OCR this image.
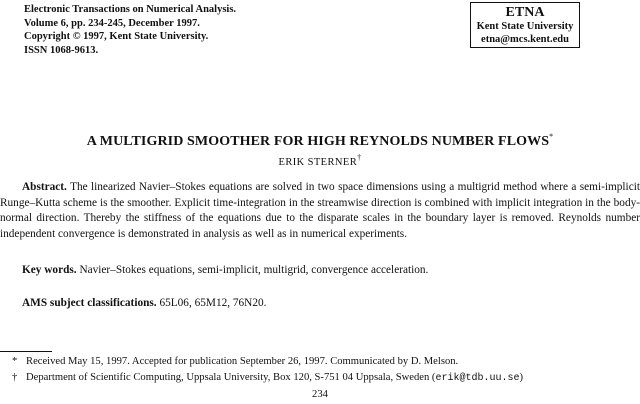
Electronic Transactions on Numerical Analysis.
Volume 6, pp. 234-245, December 1997.
Copyright © 1997, Kent State University.
ISSN 1068-9613.
ETNA
Kent State University
etna@mcs.kent.edu
A MULTIGRID SMOOTHER FOR HIGH REYNOLDS NUMBER FLOWS*
ERIK STERNER†

Abstract. The linearized Navier–Stokes equations are solved in two space dimensions using a multigrid method where a semi-implicit Runge–Kutta scheme is the smoother. Explicit time-integration in the streamwise direction is combined with implicit integration in the body-normal direction. Thereby the stiffness of the equations due to the disparate scales in the boundary layer is removed. Reynolds number independent convergence is demonstrated in analysis as well as in numerical experiments.

Key words. Navier–Stokes equations, semi-implicit, multigrid, convergence acceleration.
AMS subject classifications. 65L06, 65M12, 76N20.
* Received May 15, 1997. Accepted for publication September 26, 1997. Communicated by D. Melson.
† Department of Scientific Computing, Uppsala University, Box 120, S-751 04 Uppsala, Sweden (erik@tdb.uu.se)
234
